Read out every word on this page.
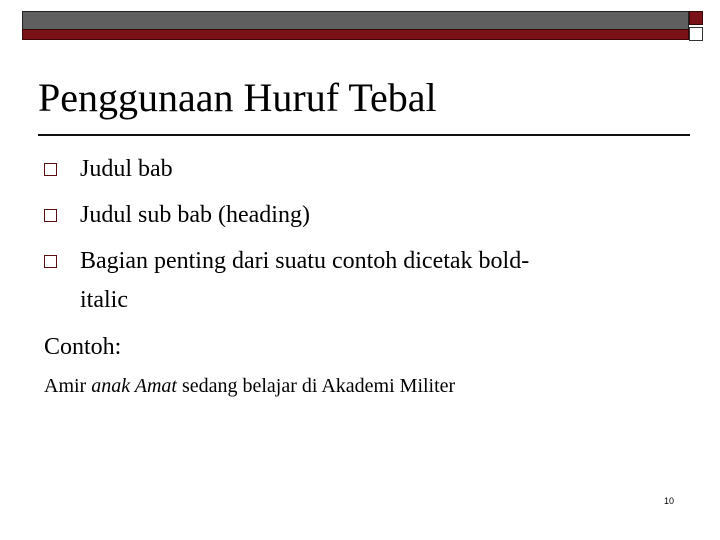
Penggunaan Huruf Tebal
Judul bab
Judul sub bab (heading)
Bagian penting dari suatu contoh dicetak bold-
italic
Contoh:
Amir anak Amat sedang belajar di Akademi Militer
10
